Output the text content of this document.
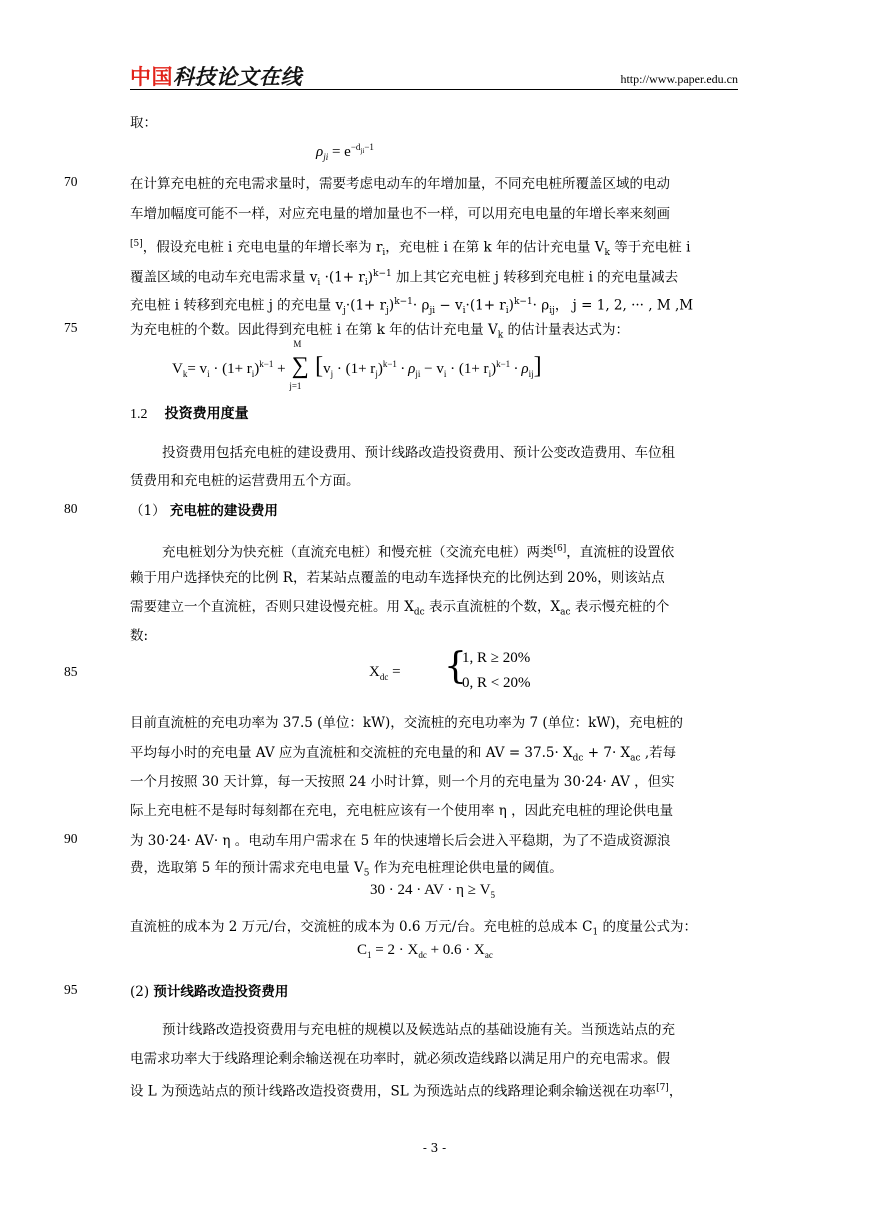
中国科技论文在线	http://www.paper.edu.cn
取：
$\rho_{ji} = e^{-d_{ji}-1}$
70	在计算充电桩的充电需求量时，需要考虑电动车的年增加量，不同充电桩所覆盖区域的电动
车增加幅度可能不一样，对应充电量的增加量也不一样，可以用充电电量的年增长率来刻画
[5]，假设充电桩 i 充电电量的年增长率为 $r_i$，充电桩 i 在第 k 年的估计充电量 $V_k$ 等于充电桩 i
覆盖区域的电动车充电需求量 $v_i \cdot(1+ r_i)^{k-1}$ 加上其它充电桩 j 转移到充电桩 i 的充电量减去
充电桩 i 转移到充电桩 j 的充电量 $v_j\cdot(1+ r_j)^{k-1}\cdot \rho_{ji} - v_i\cdot(1+ r_i)^{k-1}\cdot \rho_{ij}$， j = 1, 2, ··· , M ,M
75	为充电桩的个数。因此得到充电桩 i 在第 k 年的估计充电量 $V_k$ 的估计量表达式为：
$V_k= v_i \cdot (1+ r_i)^{k-1}$ +
M
∑
j=1
$[v_j \cdot (1+ r_j)^{k-1} \cdot \rho_{ji} - v_i \cdot (1+ r_i)^{k-1} \cdot \rho_{ij}]$
1.2 投资费用度量
投资费用包括充电桩的建设费用、预计线路改造投资费用、预计公变改造费用、车位租
赁费用和充电桩的运营费用五个方面。
80	（1） 充电桩的建设费用
充电桩划分为快充桩（直流充电桩）和慢充桩（交流充电桩）两类[6]，直流桩的设置依
赖于用户选择快充的比例 R，若某站点覆盖的电动车选择快充的比例达到 20%，则该站点
需要建立一个直流桩，否则只建设慢充桩。用 $X_{dc}$ 表示直流桩的个数，$X_{ac}$ 表示慢充桩的个
数:
85	$X_{dc}$ = {
1, R ≥ 20%
0, R < 20%
目前直流桩的充电功率为 37.5 (单位：kW)，交流桩的充电功率为 7 (单位：kW)，充电桩的
平均每小时的充电量 AV 应为直流桩和交流桩的充电量的和 AV = $37.5\cdot X_{dc} + 7\cdot X_{ac}$ ,若每
一个月按照 30 天计算，每一天按照 24 小时计算，则一个月的充电量为 30·24· AV ，但实
际上充电桩不是每时每刻都在充电，充电桩应该有一个使用率 η ，因此充电桩的理论供电量
90	为 30·24· AV· η 。电动车用户需求在 5 年的快速增长后会进入平稳期，为了不造成资源浪
费，选取第 5 年的预计需求充电电量 $V_5$ 作为充电桩理论供电量的阈值。
30 · 24 · AV · $\eta \ge V_5$
直流桩的成本为 2 万元/台，交流桩的成本为 0.6 万元/台。充电桩的总成本 $C_1$ 的度量公式为：
$C_1 = 2 \cdot X_{dc} + 0.6 \cdot X_{ac}$
95	(2) 预计线路改造投资费用
预计线路改造投资费用与充电桩的规模以及候选站点的基础设施有关。当预选站点的充
电需求功率大于线路理论剩余输送视在功率时，就必须改造线路以满足用户的充电需求。假
设 L 为预选站点的预计线路改造投资费用，SL 为预选站点的线路理论剩余输送视在功率[7]，
- 3 -
